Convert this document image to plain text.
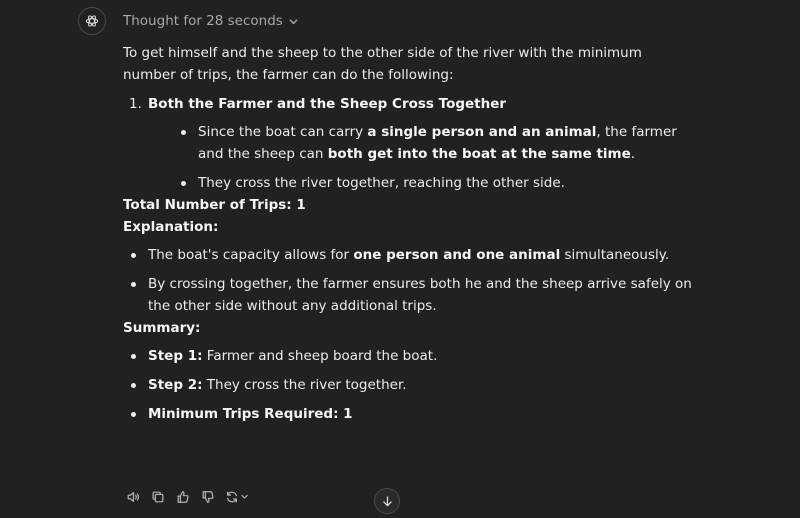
Thought for 28 seconds

To get himself and the sheep to the other side of the river with the minimum number of trips, the farmer can do the following:

1. Both the Farmer and the Sheep Cross Together
Since the boat can carry a single person and an animal, the farmer and the sheep can both get into the boat at the same time.
They cross the river together, reaching the other side.

Total Number of Trips: 1

Explanation:

The boat's capacity allows for one person and one animal simultaneously.
By crossing together, the farmer ensures both he and the sheep arrive safely on the other side without any additional trips.

Summary:

Step 1: Farmer and sheep board the boat.
Step 2: They cross the river together.
Minimum Trips Required: 1
